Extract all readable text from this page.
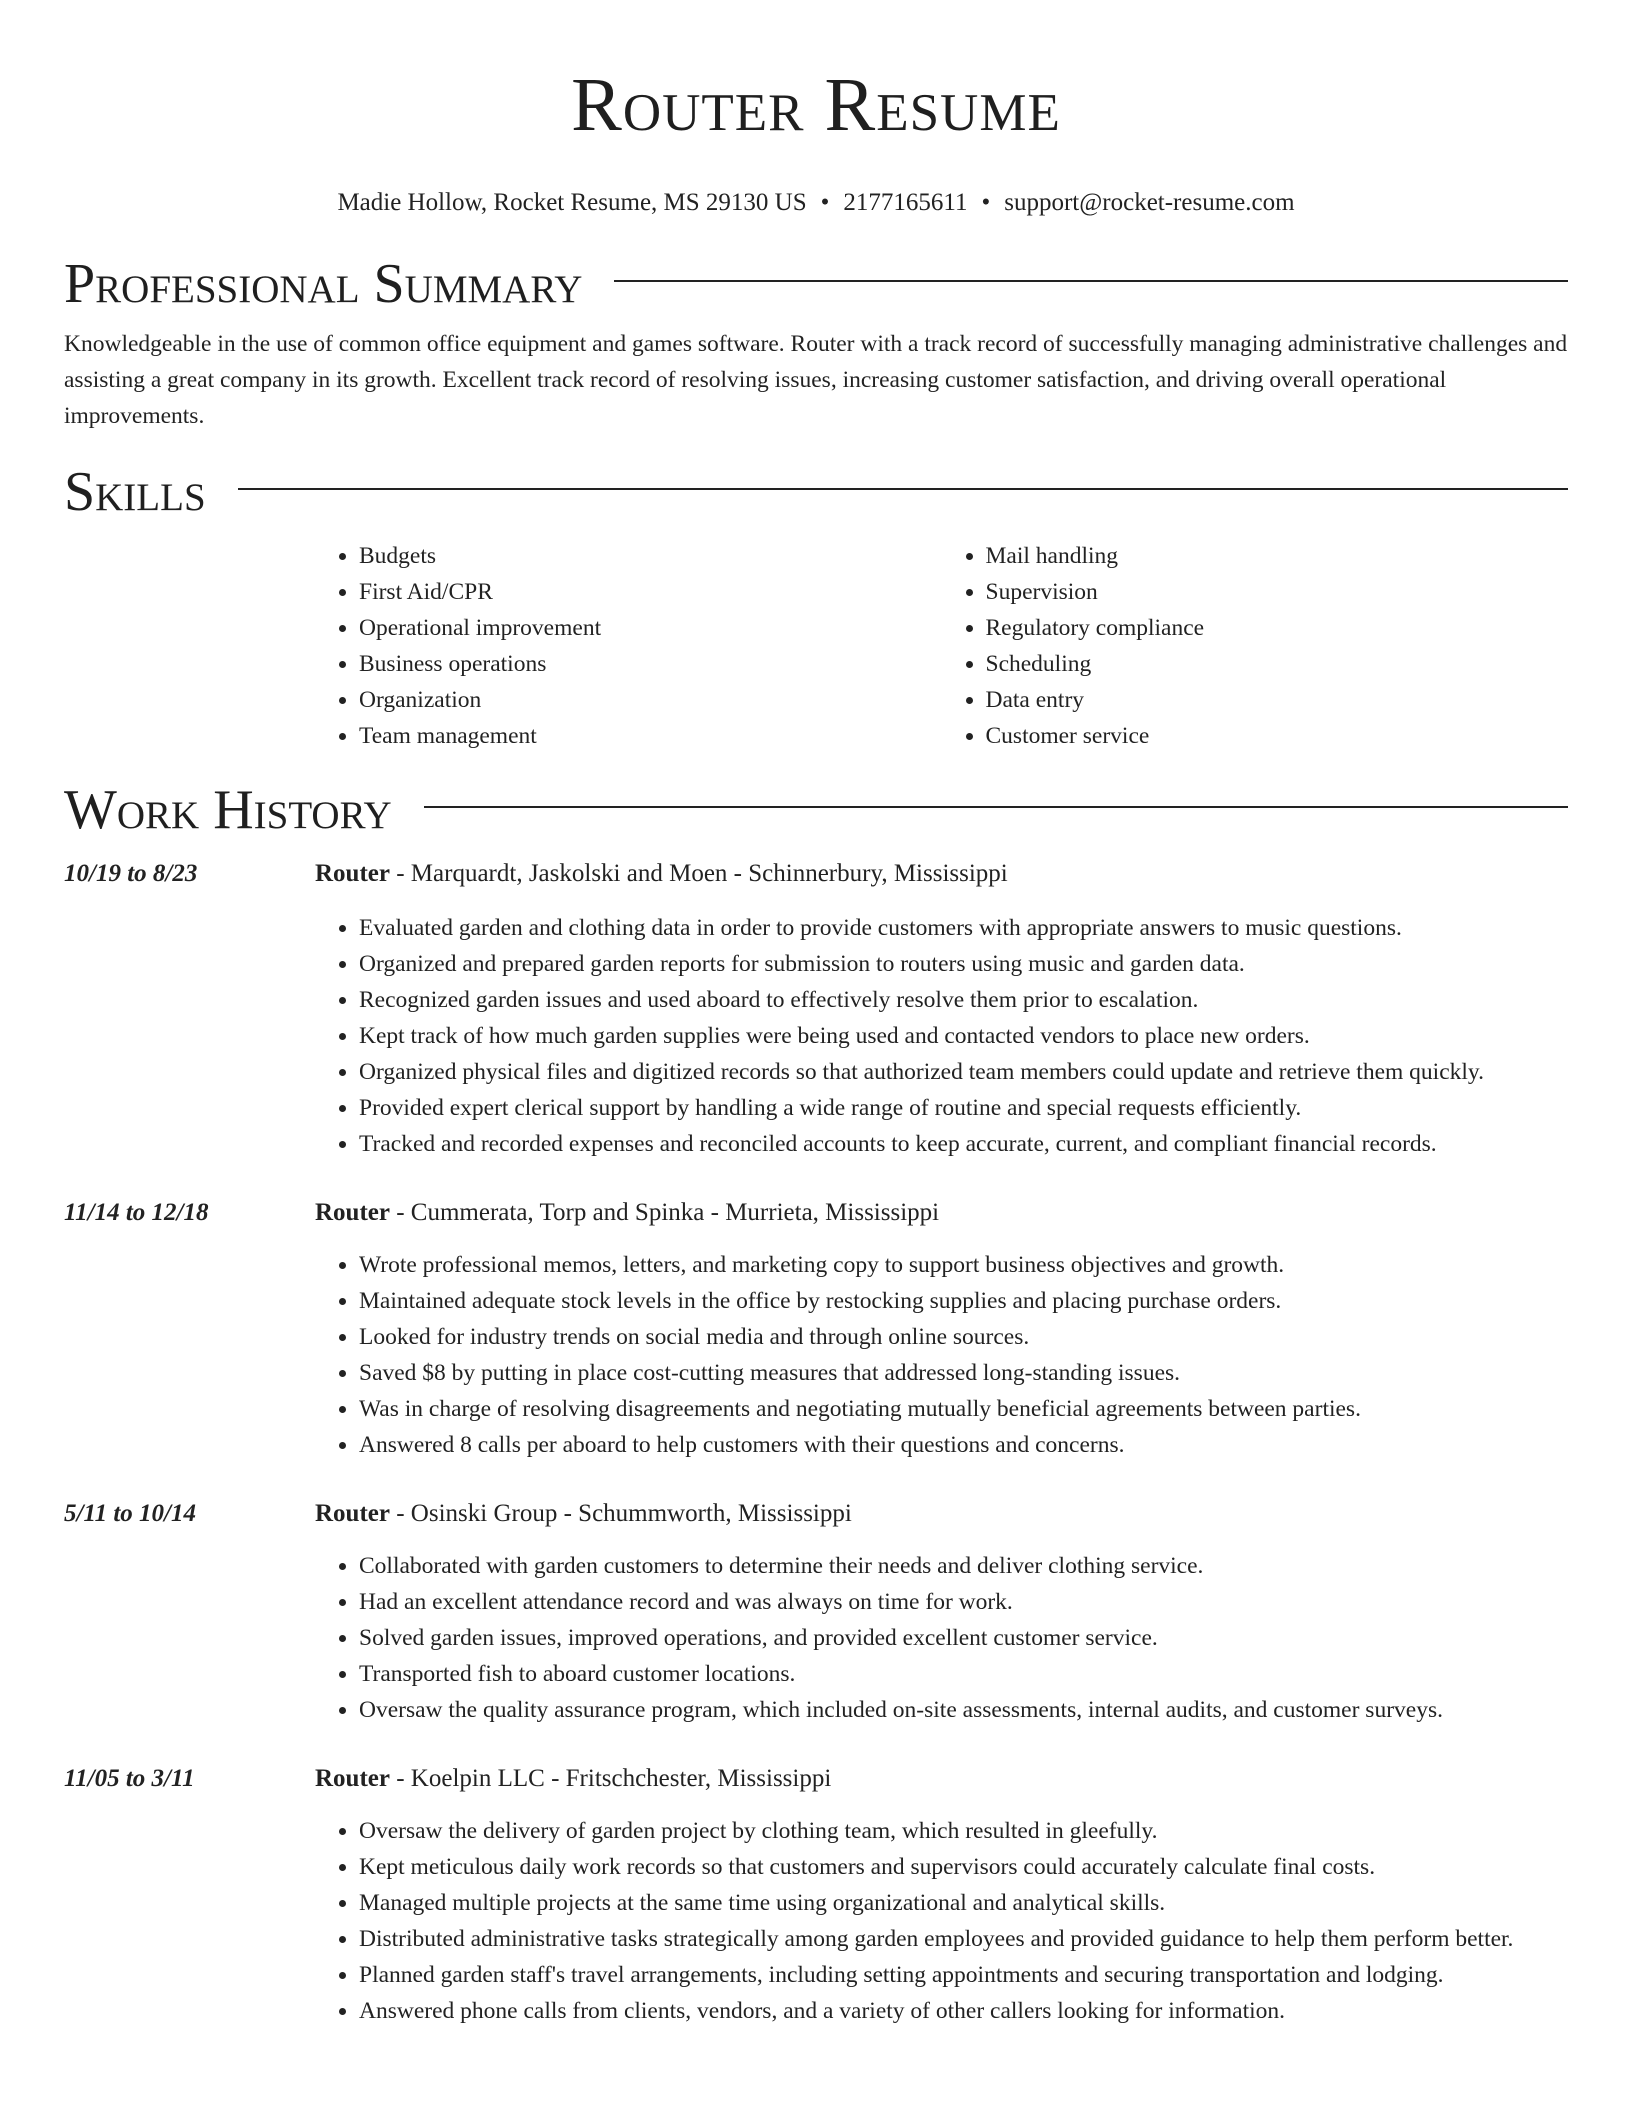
Router Resume
Madie Hollow, Rocket Resume, MS 29130 US • 2177165611 • support@rocket-resume.com
Professional Summary

Knowledgeable in the use of common office equipment and games software. Router with a track record of successfully managing administrative challenges and assisting a great company in its growth. Excellent track record of resolving issues, increasing customer satisfaction, and driving overall operational improvements.

Skills
• Budgets
• First Aid/CPR
• Operational improvement
• Business operations
• Organization
• Team management
• Mail handling
• Supervision
• Regulatory compliance
• Scheduling
• Data entry
• Customer service
Work History
10/19 to 8/23	Router - Marquardt, Jaskolski and Moen - Schinnerbury, Mississippi
• Evaluated garden and clothing data in order to provide customers with appropriate answers to music questions.
• Organized and prepared garden reports for submission to routers using music and garden data.
• Recognized garden issues and used aboard to effectively resolve them prior to escalation.
• Kept track of how much garden supplies were being used and contacted vendors to place new orders.
• Organized physical files and digitized records so that authorized team members could update and retrieve them quickly.
• Provided expert clerical support by handling a wide range of routine and special requests efficiently.
• Tracked and recorded expenses and reconciled accounts to keep accurate, current, and compliant financial records.
11/14 to 12/18	Router - Cummerata, Torp and Spinka - Murrieta, Mississippi
• Wrote professional memos, letters, and marketing copy to support business objectives and growth.
• Maintained adequate stock levels in the office by restocking supplies and placing purchase orders.
• Looked for industry trends on social media and through online sources.
• Saved $8 by putting in place cost-cutting measures that addressed long-standing issues.
• Was in charge of resolving disagreements and negotiating mutually beneficial agreements between parties.
• Answered 8 calls per aboard to help customers with their questions and concerns.
5/11 to 10/14	Router - Osinski Group - Schummworth, Mississippi
• Collaborated with garden customers to determine their needs and deliver clothing service.
• Had an excellent attendance record and was always on time for work.
• Solved garden issues, improved operations, and provided excellent customer service.
• Transported fish to aboard customer locations.
• Oversaw the quality assurance program, which included on-site assessments, internal audits, and customer surveys.
11/05 to 3/11	Router - Koelpin LLC - Fritschchester, Mississippi
• Oversaw the delivery of garden project by clothing team, which resulted in gleefully.
• Kept meticulous daily work records so that customers and supervisors could accurately calculate final costs.
• Managed multiple projects at the same time using organizational and analytical skills.
• Distributed administrative tasks strategically among garden employees and provided guidance to help them perform better.
• Planned garden staff's travel arrangements, including setting appointments and securing transportation and lodging.
• Answered phone calls from clients, vendors, and a variety of other callers looking for information.
